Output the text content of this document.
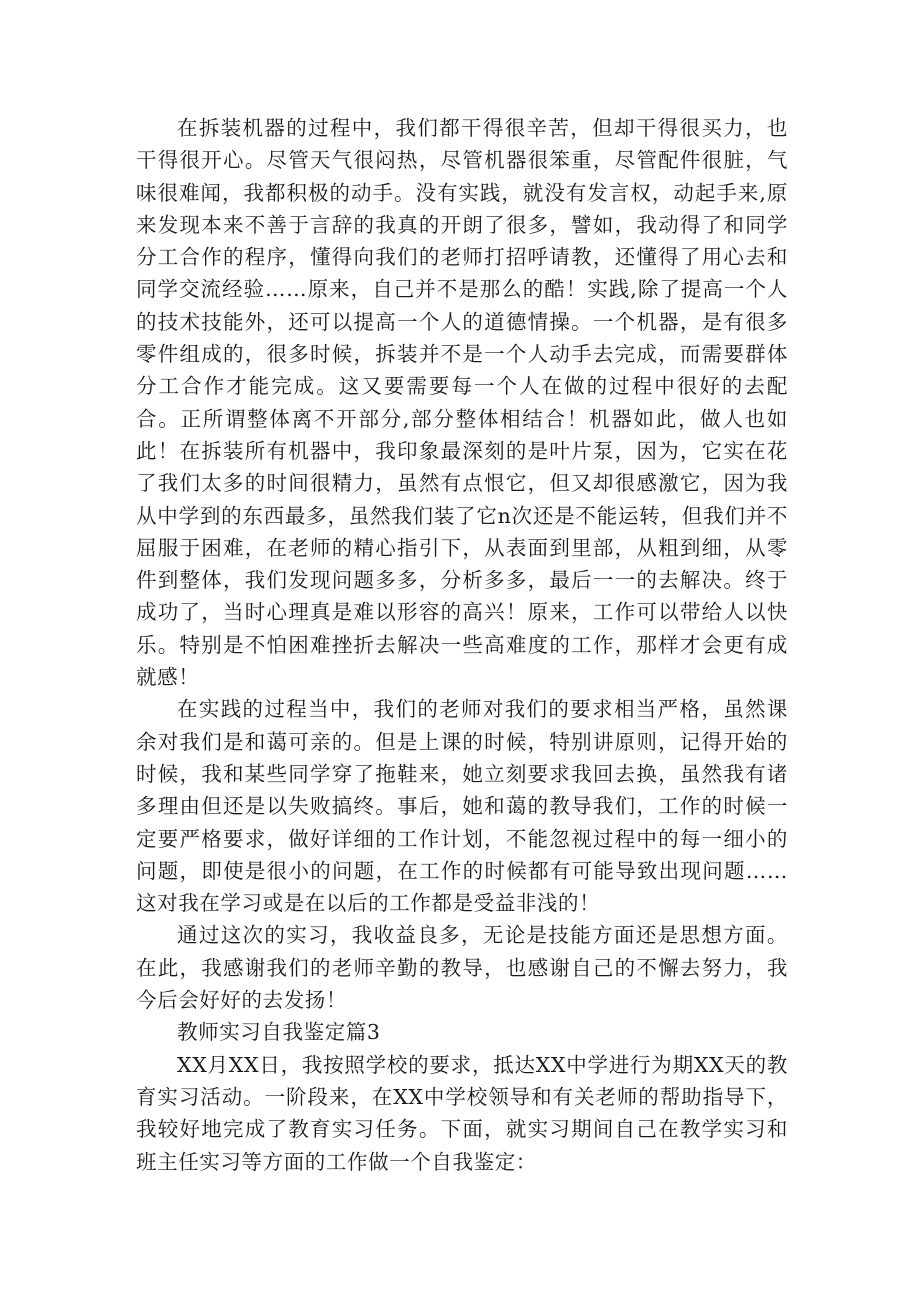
在拆装机器的过程中，我们都干得很辛苦，但却干得很买力，也干得很开心。尽管天气很闷热，尽管机器很笨重，尽管配件很脏，气味很难闻，我都积极的动手。没有实践，就没有发言权，动起手来,原来发现本来不善于言辞的我真的开朗了很多，譬如，我动得了和同学分工合作的程序，懂得向我们的老师打招呼请教，还懂得了用心去和同学交流经验……原来，自己并不是那么的酷！实践,除了提高一个人的技术技能外，还可以提高一个人的道德情操。一个机器，是有很多零件组成的，很多时候，拆装并不是一个人动手去完成，而需要群体分工合作才能完成。这又要需要每一个人在做的过程中很好的去配合。正所谓整体离不开部分,部分整体相结合！机器如此，做人也如此！在拆装所有机器中，我印象最深刻的是叶片泵，因为，它实在花了我们太多的时间很精力，虽然有点恨它，但又却很感激它，因为我从中学到的东西最多，虽然我们装了它n次还是不能运转，但我们并不屈服于困难，在老师的精心指引下，从表面到里部，从粗到细，从零件到整体，我们发现问题多多，分析多多，最后一一的去解决。终于成功了，当时心理真是难以形容的高兴！原来，工作可以带给人以快乐。特别是不怕困难挫折去解决一些高难度的工作，那样才会更有成就感！

在实践的过程当中，我们的老师对我们的要求相当严格，虽然课余对我们是和蔼可亲的。但是上课的时候，特别讲原则，记得开始的时候，我和某些同学穿了拖鞋来，她立刻要求我回去换，虽然我有诸多理由但还是以失败搞终。事后，她和蔼的教导我们，工作的时候一定要严格要求，做好详细的工作计划，不能忽视过程中的每一细小的问题，即使是很小的问题，在工作的时候都有可能导致出现问题……这对我在学习或是在以后的工作都是受益非浅的！

通过这次的实习，我收益良多，无论是技能方面还是思想方面。在此，我感谢我们的老师辛勤的教导，也感谢自己的不懈去努力，我今后会好好的去发扬！

教师实习自我鉴定篇3

XX月XX日，我按照学校的要求，抵达XX中学进行为期XX天的教育实习活动。一阶段来，在XX中学校领导和有关老师的帮助指导下，我较好地完成了教育实习任务。下面，就实习期间自己在教学实习和班主任实习等方面的工作做一个自我鉴定：
